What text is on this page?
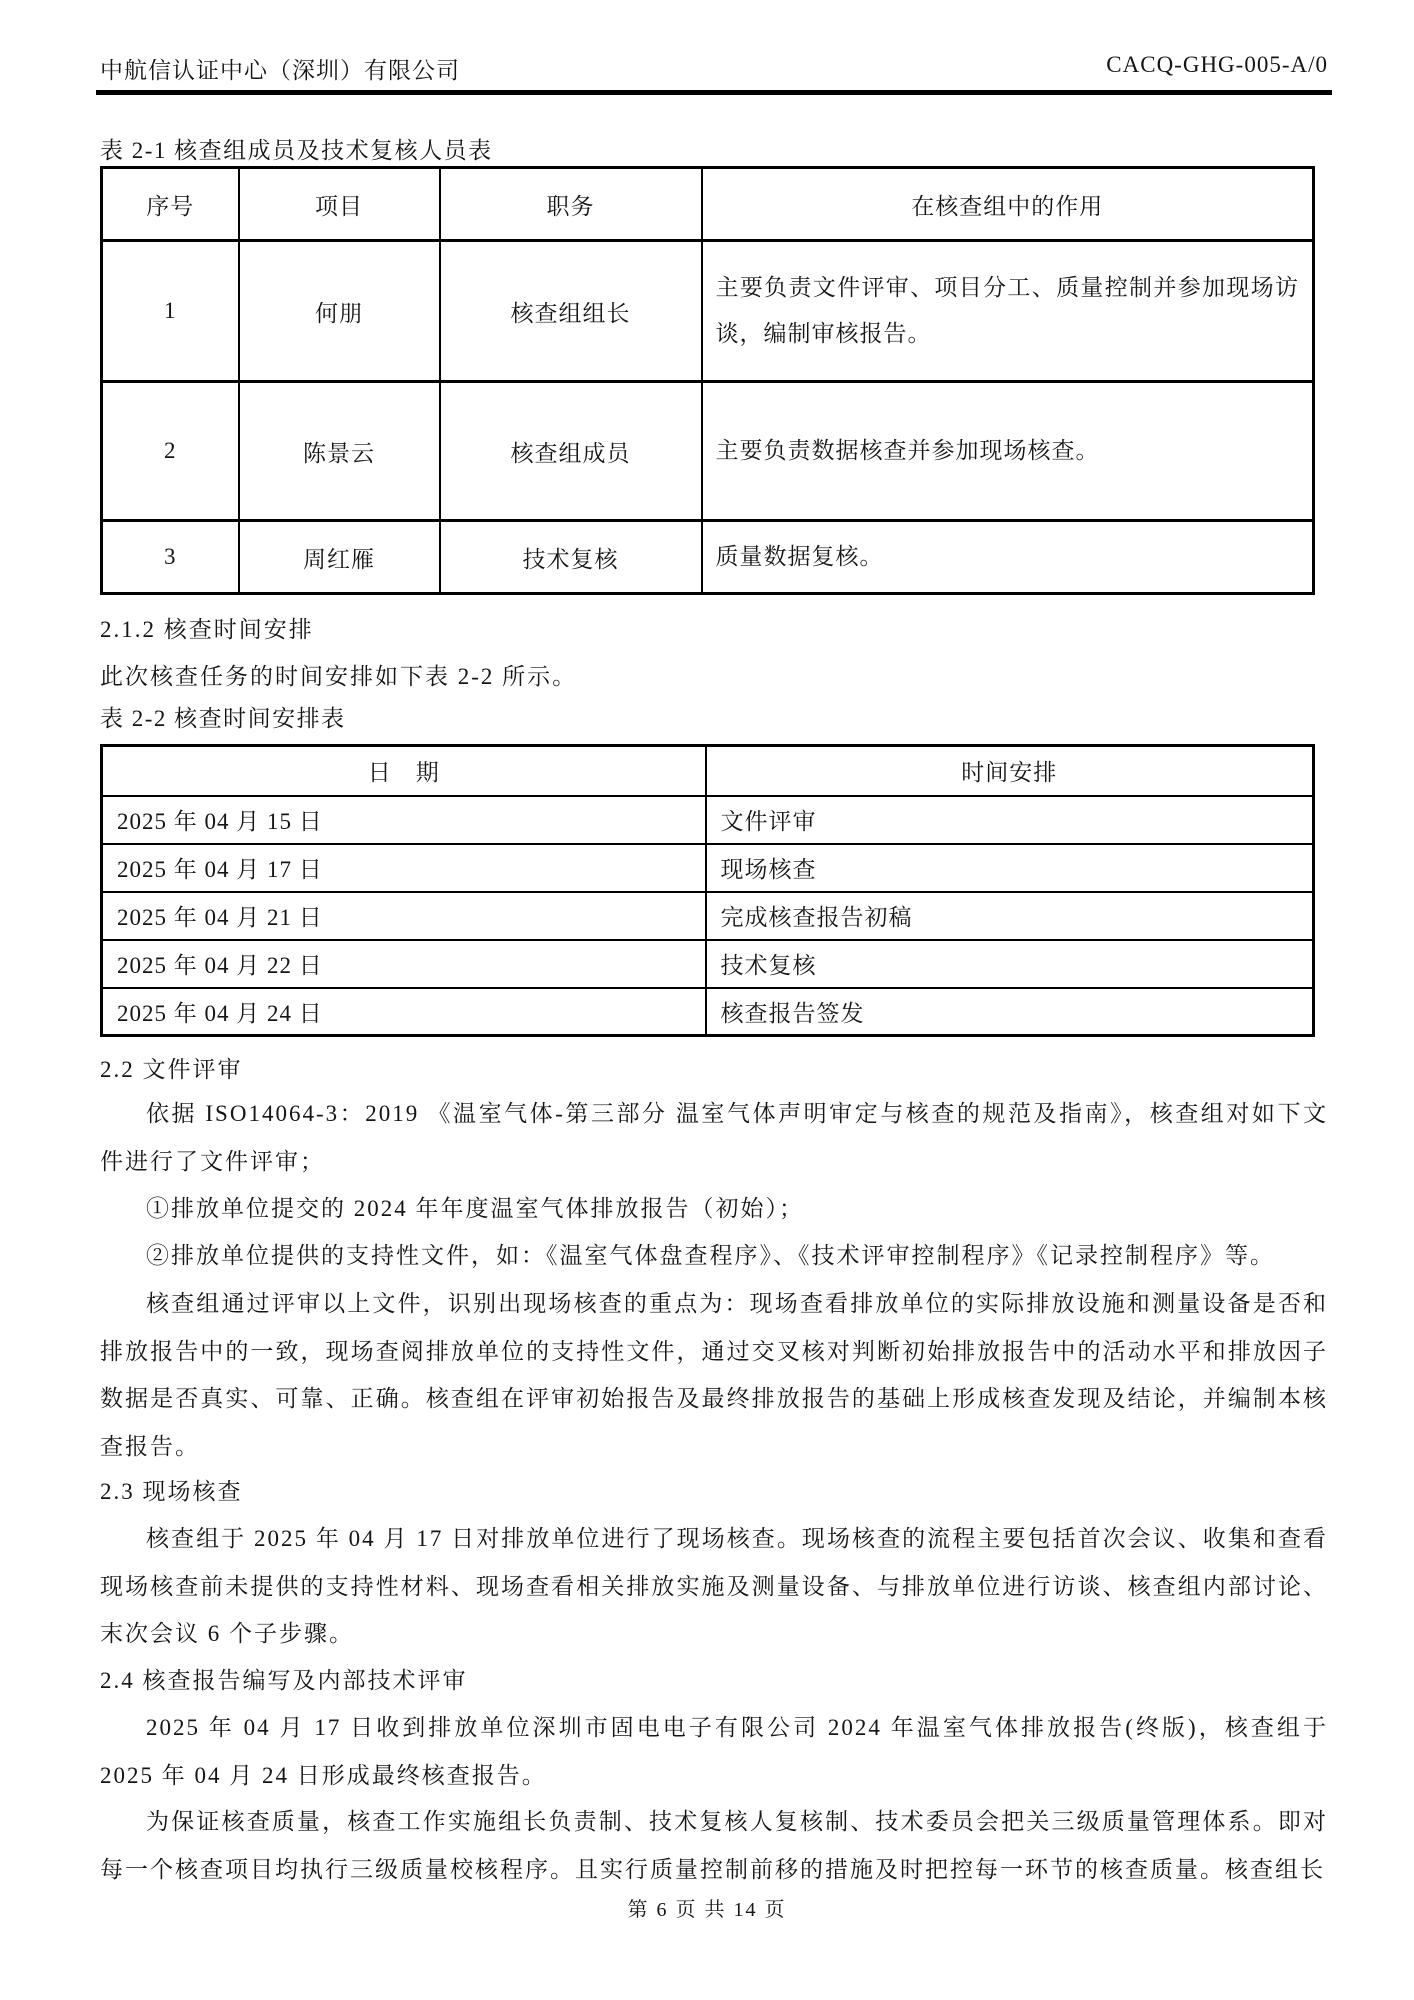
中航信认证中心（深圳）有限公司	CACQ-GHG-005-A/0
表 2-1 核查组成员及技术复核人员表
序号	项目	职务	在核查组中的作用
1	何朋	核查组组长	主要负责文件评审、项目分工、质量控制并参加现场访谈，编制审核报告。
2	陈景云	核查组成员	主要负责数据核查并参加现场核查。
3	周红雁	技术复核	质量数据复核。
2.1.2 核查时间安排
此次核查任务的时间安排如下表 2-2 所示。
表 2-2 核查时间安排表
日　期	时间安排
2025 年 04 月 15 日	文件评审
2025 年 04 月 17 日	现场核查
2025 年 04 月 21 日	完成核查报告初稿
2025 年 04 月 22 日	技术复核
2025 年 04 月 24 日	核查报告签发
2.2 文件评审
依据 ISO14064-3：2019 《温室气体-第三部分 温室气体声明审定与核查的规范及指南》，核查组对如下文件进行了文件评审；
①排放单位提交的 2024 年年度温室气体排放报告（初始）；
②排放单位提供的支持性文件，如：《温室气体盘查程序》、《技术评审控制程序》《记录控制程序》等。
核查组通过评审以上文件，识别出现场核查的重点为：现场查看排放单位的实际排放设施和测量设备是否和排放报告中的一致，现场查阅排放单位的支持性文件，通过交叉核对判断初始排放报告中的活动水平和排放因子数据是否真实、可靠、正确。核查组在评审初始报告及最终排放报告的基础上形成核查发现及结论，并编制本核查报告。
2.3 现场核查
核查组于 2025 年 04 月 17 日对排放单位进行了现场核查。现场核查的流程主要包括首次会议、收集和查看现场核查前未提供的支持性材料、现场查看相关排放实施及测量设备、与排放单位进行访谈、核查组内部讨论、末次会议 6 个子步骤。
2.4 核查报告编写及内部技术评审
2025 年 04 月 17 日收到排放单位深圳市固电电子有限公司 2024 年温室气体排放报告(终版)，核查组于 2025 年 04 月 24 日形成最终核查报告。
为保证核查质量，核查工作实施组长负责制、技术复核人复核制、技术委员会把关三级质量管理体系。即对每一个核查项目均执行三级质量校核程序。且实行质量控制前移的措施及时把控每一环节的核查质量。核查组长
第 6 页 共 14 页
